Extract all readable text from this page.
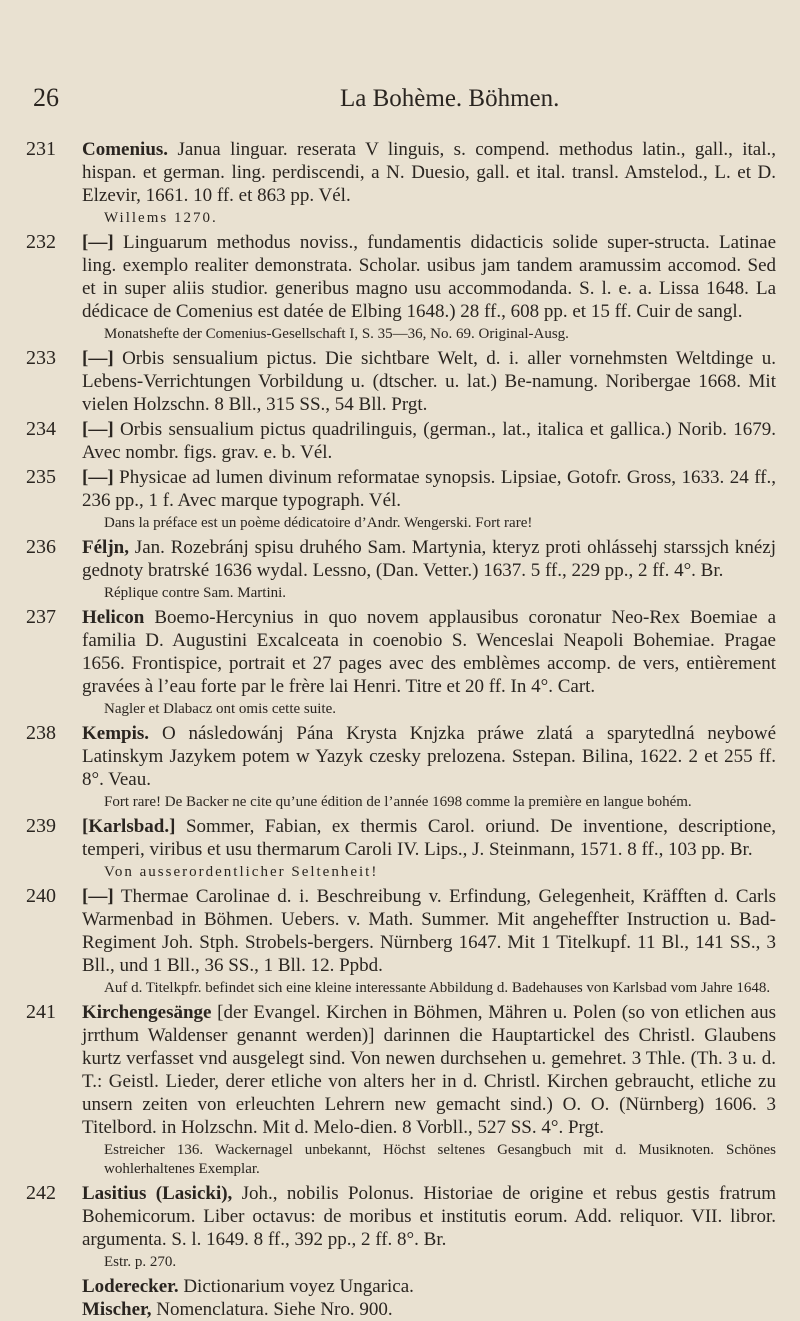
26	La Bohème. Böhmen.
231	Comenius. Janua linguar. reserata V linguis, s. compend. methodus latin., gall., ital., hispan. et german. ling. perdiscendi, a N. Duesio, gall. et ital. transl. Amstelod., L. et D. Elzevir, 1661. 10 ff. et 863 pp. Vél.
Willems 1270.
232	[—] Linguarum methodus noviss., fundamentis didacticis solide super-structa. Latinae ling. exemplo realiter demonstrata. Scholar. usibus jam tandem aramussim accomod. Sed et in super aliis studior. generibus magno usu accommodanda. S. l. e. a. Lissa 1648. La dédicace de Comenius est datée de Elbing 1648.) 28 ff., 608 pp. et 15 ff. Cuir de sangl.
Monatshefte der Comenius-Gesellschaft I, S. 35—36, No. 69. Original-Ausg.
233	[—] Orbis sensualium pictus. Die sichtbare Welt, d. i. aller vornehmsten Weltdinge u. Lebens-Verrichtungen Vorbildung u. (dtscher. u. lat.) Be-namung. Noribergae 1668. Mit vielen Holzschn. 8 Bll., 315 SS., 54 Bll. Prgt.
234	[—] Orbis sensualium pictus quadrilinguis, (german., lat., italica et gallica.) Norib. 1679. Avec nombr. figs. grav. e. b. Vél.
235	[—] Physicae ad lumen divinum reformatae synopsis. Lipsiae, Gotofr. Gross, 1633. 24 ff., 236 pp., 1 f. Avec marque typograph. Vél.
Dans la préface est un poème dédicatoire d’Andr. Wengerski. Fort rare!
236	Féljn, Jan. Rozebránj spisu druhého Sam. Martynia, kteryz proti ohlássehj starssjch knézj gednoty bratrské 1636 wydal. Lessno, (Dan. Vetter.) 1637. 5 ff., 229 pp., 2 ff. 4°. Br.
Réplique contre Sam. Martini.
237	Helicon Boemo-Hercynius in quo novem applausibus coronatur Neo-Rex Boemiae a familia D. Augustini Excalceata in coenobio S. Wenceslai Neapoli Bohemiae. Pragae 1656. Frontispice, portrait et 27 pages avec des emblèmes accomp. de vers, entièrement gravées à l’eau forte par le frère lai Henri. Titre et 20 ff. In 4°. Cart.
Nagler et Dlabacz ont omis cette suite.
238	Kempis. O následowánj Pána Krysta Knjzka práwe zlatá a sparytedlná neybowé Latinskym Jazykem potem w Yazyk czesky prelozena. Sstepan. Bilina, 1622. 2 et 255 ff. 8°. Veau.
Fort rare! De Backer ne cite qu’une édition de l’année 1698 comme la première en langue bohém.
239	[Karlsbad.] Sommer, Fabian, ex thermis Carol. oriund. De inventione, descriptione, temperi, viribus et usu thermarum Caroli IV. Lips., J. Steinmann, 1571. 8 ff., 103 pp. Br.
Von ausserordentlicher Seltenheit!
240	[—] Thermae Carolinae d. i. Beschreibung v. Erfindung, Gelegenheit, Kräfften d. Carls Warmenbad in Böhmen. Uebers. v. Math. Summer. Mit angeheffter Instruction u. Bad-Regiment Joh. Stph. Strobels-bergers. Nürnberg 1647. Mit 1 Titelkupf. 11 Bl., 141 SS., 3 Bll., und 1 Bll., 36 SS., 1 Bll. 12. Ppbd.
Auf d. Titelkpfr. befindet sich eine kleine interessante Abbildung d. Badehauses von Karlsbad vom Jahre 1648.
241	Kirchengesänge [der Evangel. Kirchen in Böhmen, Mähren u. Polen (so von etlichen aus jrrthum Waldenser genannt werden)] darinnen die Hauptartickel des Christl. Glaubens kurtz verfasset vnd ausgelegt sind. Von newen durchsehen u. gemehret. 3 Thle. (Th. 3 u. d. T.: Geistl. Lieder, derer etliche von alters her in d. Christl. Kirchen gebraucht, etliche zu unsern zeiten von erleuchten Lehrern new gemacht sind.) O. O. (Nürnberg) 1606. 3 Titelbord. in Holzschn. Mit d. Melo-dien. 8 Vorbll., 527 SS. 4°. Prgt.
Estreicher 136. Wackernagel unbekannt, Höchst seltenes Gesangbuch mit d. Musiknoten. Schönes wohlerhaltenes Exemplar.
242	Lasitius (Lasicki), Joh., nobilis Polonus. Historiae de origine et rebus gestis fratrum Bohemicorum. Liber octavus: de moribus et institutis eorum. Add. reliquor. VII. libror. argumenta. S. l. 1649. 8 ff., 392 pp., 2 ff. 8°. Br.
Estr. p. 270.
Loderecker. Dictionarium voyez Ungarica.
Mischer, Nomenclatura. Siehe Nro. 900.
